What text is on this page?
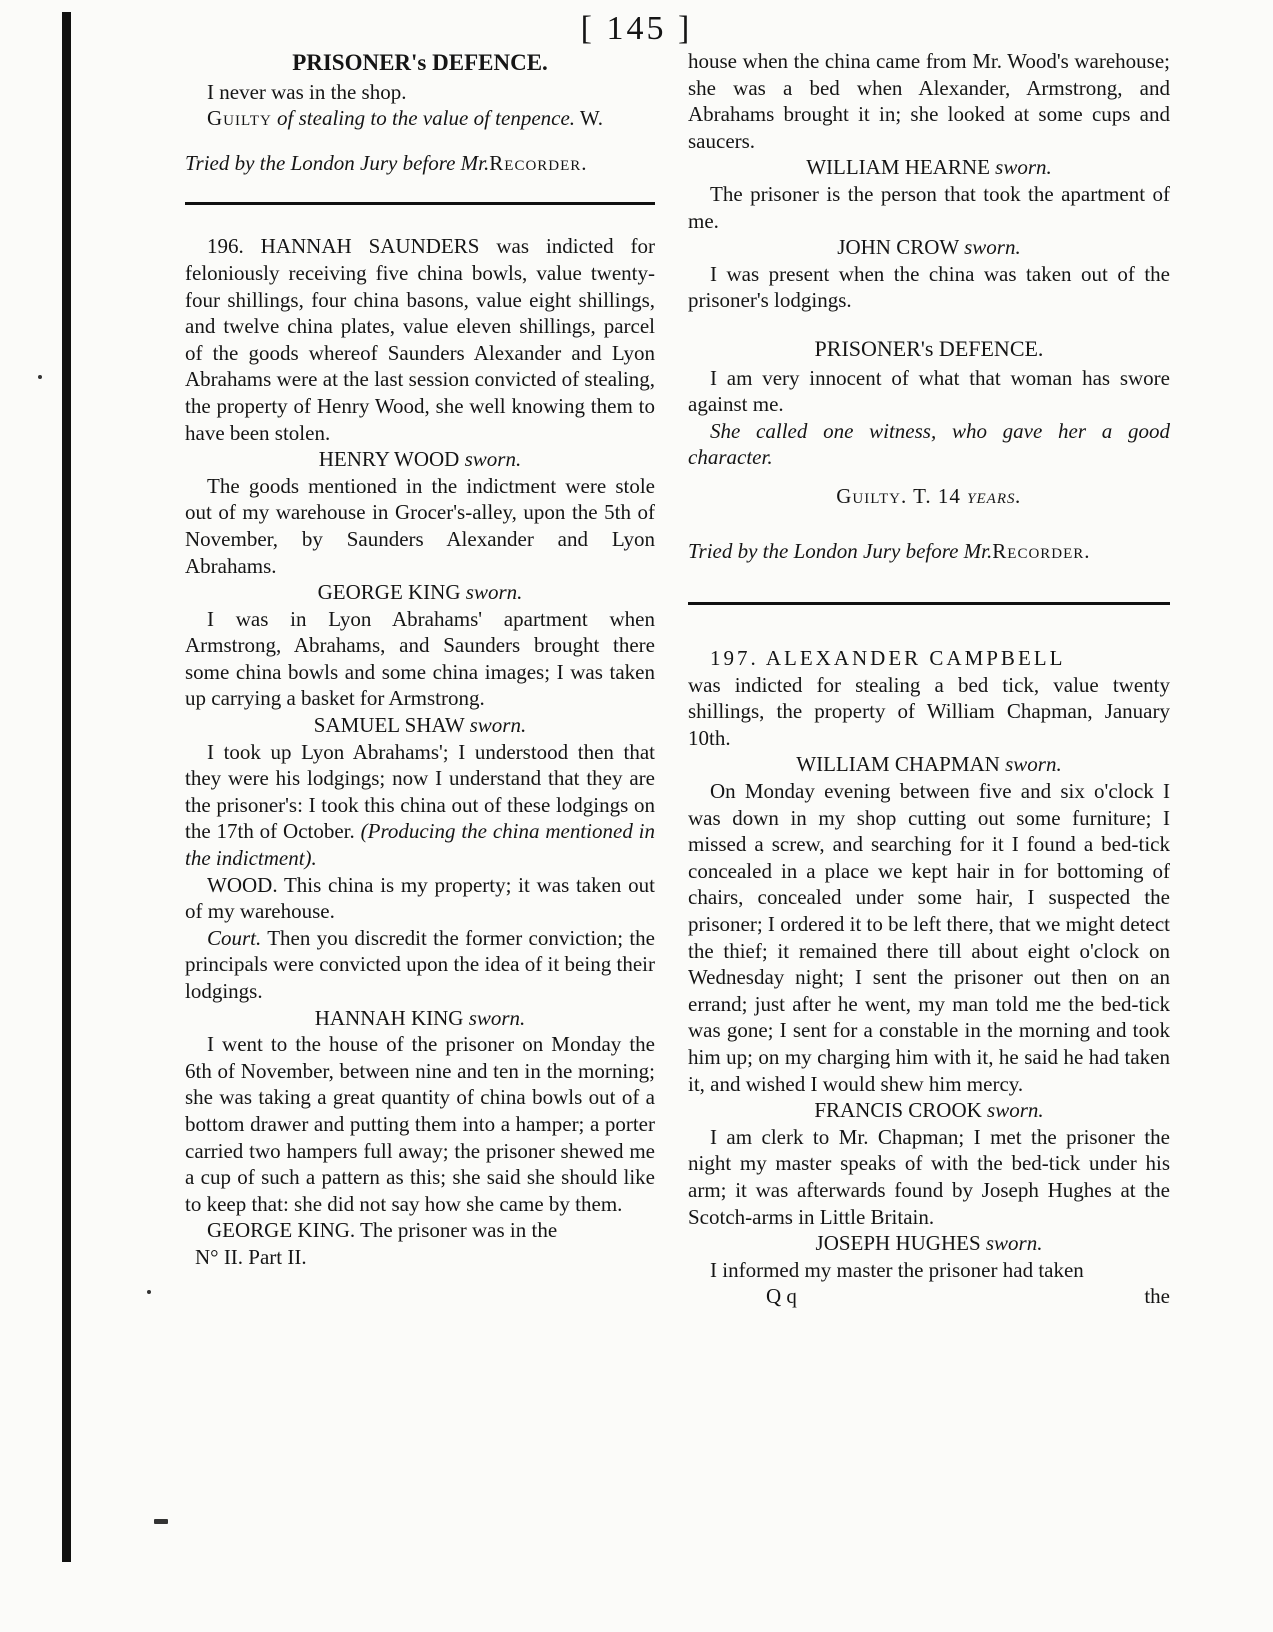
[ 145 ]

PRISONER's DEFENCE.

I never was in the shop.

Guilty of stealing to the value of tenpence. W.

Tried by the London Jury before Mr.Recorder.

196. HANNAH SAUNDERS was indicted for feloniously receiving five china bowls, value twenty-four shillings, four china basons, value eight shillings, and twelve china plates, value eleven shillings, parcel of the goods whereof Saunders Alexander and Lyon Abrahams were at the last session convicted of stealing, the property of Henry Wood, she well knowing them to have been stolen.

HENRY WOOD sworn.

The goods mentioned in the indictment were stole out of my warehouse in Grocer's-alley, upon the 5th of November, by Saunders Alexander and Lyon Abrahams.

GEORGE KING sworn.

I was in Lyon Abrahams' apartment when Armstrong, Abrahams, and Saunders brought there some china bowls and some china images; I was taken up carrying a basket for Armstrong.

SAMUEL SHAW sworn.

I took up Lyon Abrahams'; I understood then that they were his lodgings; now I understand that they are the prisoner's: I took this china out of these lodgings on the 17th of October. (Producing the china mentioned in the indictment).

WOOD. This china is my property; it was taken out of my warehouse.

Court. Then you discredit the former conviction; the principals were convicted upon the idea of it being their lodgings.

HANNAH KING sworn.

I went to the house of the prisoner on Monday the 6th of November, between nine and ten in the morning; she was taking a great quantity of china bowls out of a bottom drawer and putting them into a hamper; a porter carried two hampers full away; the prisoner shewed me a cup of such a pattern as this; she said she should like to keep that: she did not say how she came by them.

GEORGE KING. The prisoner was in the

N° II. Part II.

house when the china came from Mr. Wood's warehouse; she was a bed when Alexander, Armstrong, and Abrahams brought it in; she looked at some cups and saucers.

WILLIAM HEARNE sworn.

The prisoner is the person that took the apartment of me.

JOHN CROW sworn.

I was present when the china was taken out of the prisoner's lodgings.

PRISONER's DEFENCE.

I am very innocent of what that woman has swore against me.

She called one witness, who gave her a good character.

Guilty. T. 14 years.

Tried by the London Jury before Mr.Recorder.

197. ALEXANDER CAMPBELL

was indicted for stealing a bed tick, value twenty shillings, the property of William Chapman, January 10th.

WILLIAM CHAPMAN sworn.

On Monday evening between five and six o'clock I was down in my shop cutting out some furniture; I missed a screw, and searching for it I found a bed-tick concealed in a place we kept hair in for bottoming of chairs, concealed under some hair, I suspected the prisoner; I ordered it to be left there, that we might detect the thief; it remained there till about eight o'clock on Wednesday night; I sent the prisoner out then on an errand; just after he went, my man told me the bed-tick was gone; I sent for a constable in the morning and took him up; on my charging him with it, he said he had taken it, and wished I would shew him mercy.

FRANCIS CROOK sworn.

I am clerk to Mr. Chapman; I met the prisoner the night my master speaks of with the bed-tick under his arm; it was afterwards found by Joseph Hughes at the Scotch-arms in Little Britain.

JOSEPH HUGHES sworn.

I informed my master the prisoner had taken

Q q	the
